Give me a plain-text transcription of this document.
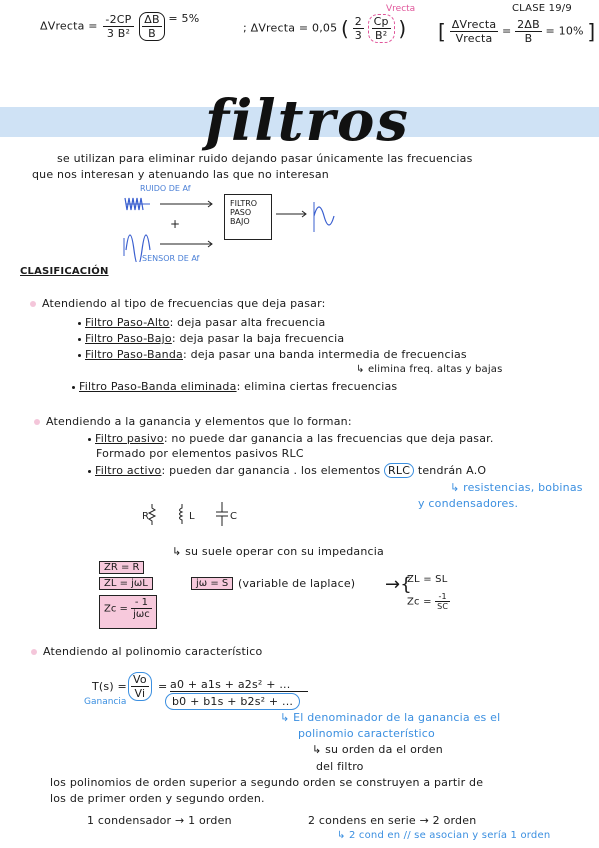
ΔVrecta = $\frac{-2CP}{\text{3 B²}}$
$\frac{\Delta B}{B} = 5\%$
; ΔVrecta = 0,05 ( $\frac{2}{3}$
$\frac{Cp}{\text{B²}}$ )
Vrecta
[ $\frac{\text{ΔVrecta}}{\text{Vrecta}} = \frac{2\Delta B}{B} = 10\%$ ]
CLASE 19/9
filtros
se utilizan para eliminar ruido dejando pasar únicamente las frecuencias
que nos interesan y atenuando las que no interesan
RUIDO DE Af
+
SENSOR DE Af
FILTRO
PASO
BAJO
CLASIFICACIÓN
Atendiendo al tipo de frecuencias que deja pasar:
Filtro Paso-Alto: deja pasar alta frecuencia
Filtro Paso-Bajo: deja pasar la baja frecuencia
Filtro Paso-Banda: deja pasar una banda intermedia de frecuencias
↳ elimina freq. altas y bajas
Filtro Paso-Banda eliminada: elimina ciertas frecuencias
Atendiendo a la ganancia y elementos que lo forman:
Filtro pasivo: no puede dar ganancia a las frecuencias que deja pasar.
Formado por elementos pasivos RLC
Filtro activo: pueden dar ganancia . los elementos RLC tendrán A.O
↳ resistencias, bobinas
y condensadores.
R	L	C
↳ su suele operar con su impedancia
ZR = R
ZL = jωL
$Zc = \frac{- 1}{\text{jωc}}$
jω = S (variable de laplace) →{
ZL = SL
$Zc = \frac{-1}{SC}$
Atendiendo al polinomio característico
$T(s) = \frac{Vo}{Vi}$
Ganancia
= a0 + a1s + a2s² + ...
b0 + b1s + b2s² + ...
↳ El denominador de la ganancia es el
polinomio característico
↳ su orden da el orden
del filtro
los polinomios de orden superior a segundo orden se construyen a partir de
los de primer orden y segundo orden.
1 condensador → 1 orden	2 condens en serie → 2 orden
↳ 2 cond en // se asocian y sería 1 orden
